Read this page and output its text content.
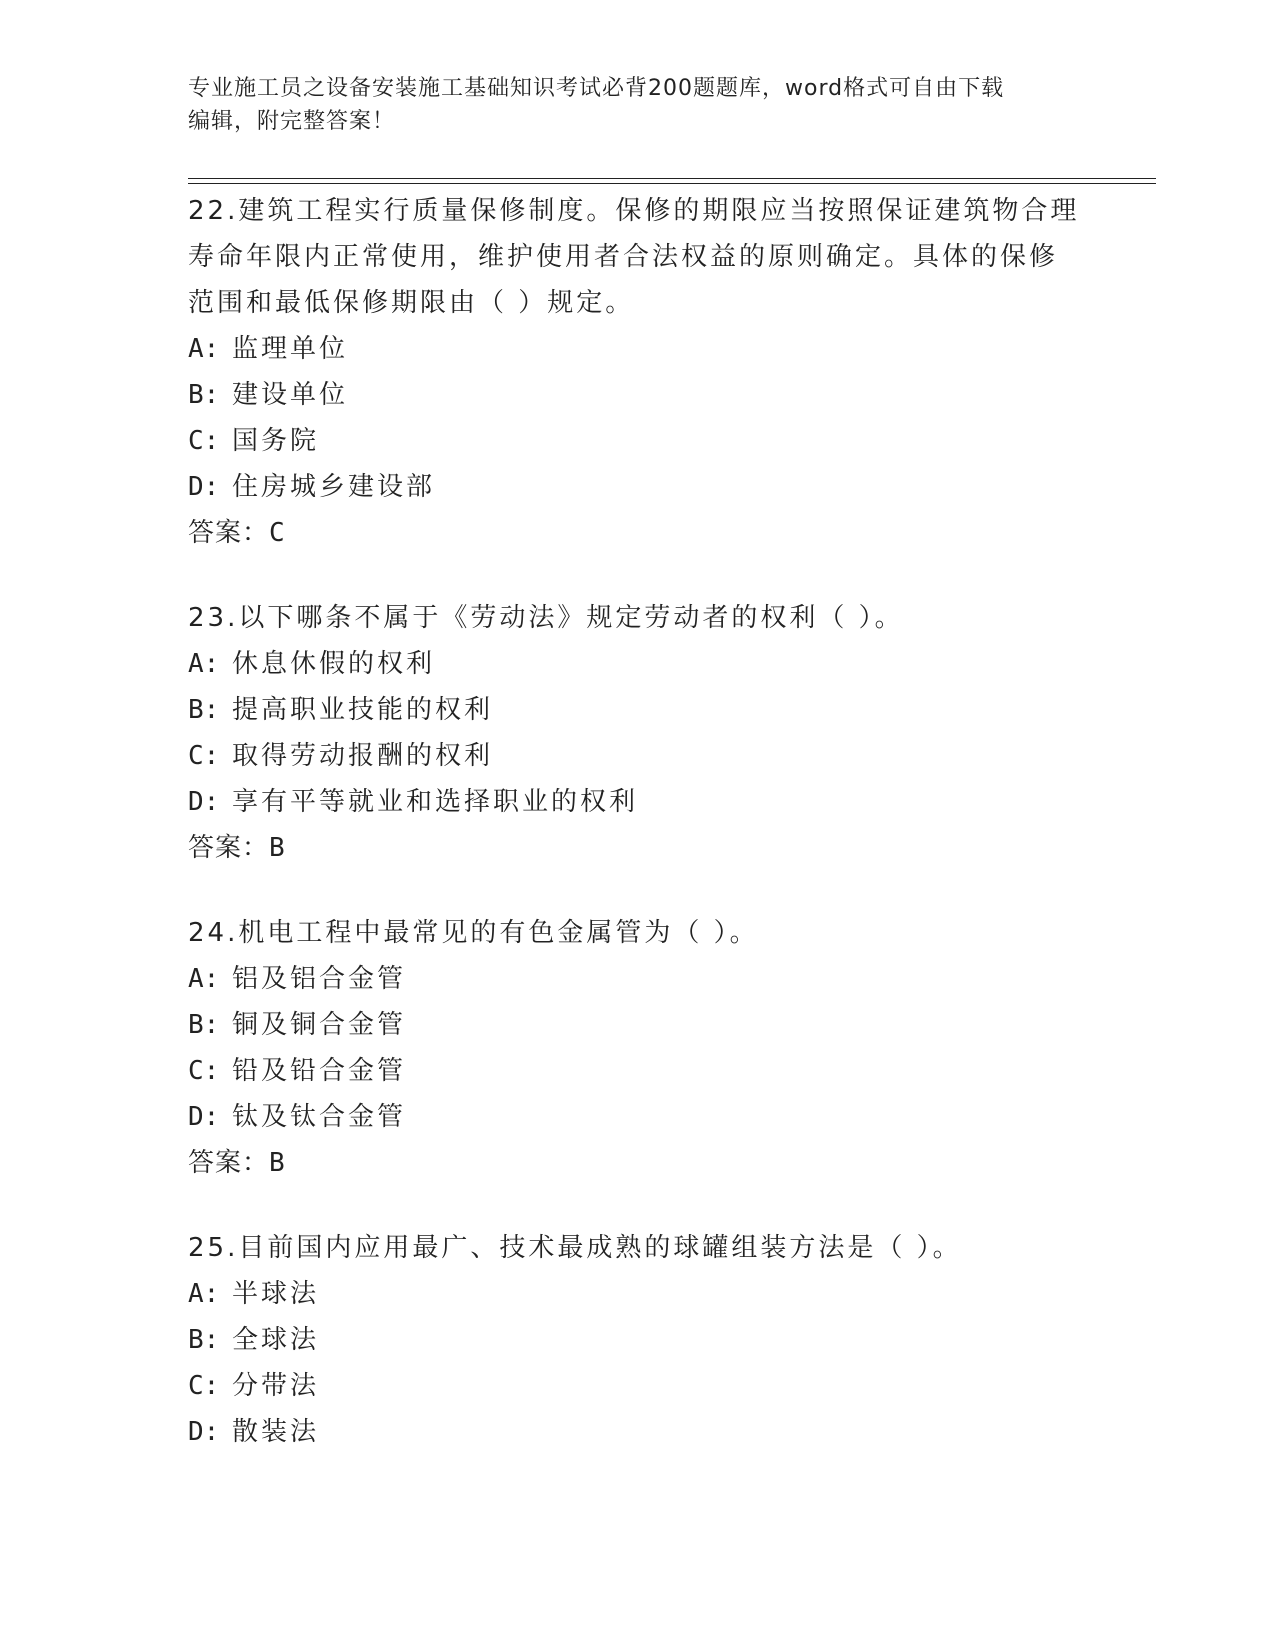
专业施工员之设备安装施工基础知识考试必背200题题库，word格式可自由下载
编辑，附完整答案！
22.建筑工程实行质量保修制度。保修的期限应当按照保证建筑物合理
寿命年限内正常使用，维护使用者合法权益的原则确定。具体的保修
范围和最低保修期限由（ ）规定。
A: 监理单位
B: 建设单位
C: 国务院
D: 住房城乡建设部
答案：C
23.以下哪条不属于《劳动法》规定劳动者的权利（ ）。
A: 休息休假的权利
B: 提高职业技能的权利
C: 取得劳动报酬的权利
D: 享有平等就业和选择职业的权利
答案：B
24.机电工程中最常见的有色金属管为（ ）。
A: 铝及铝合金管
B: 铜及铜合金管
C: 铅及铅合金管
D: 钛及钛合金管
答案：B
25.目前国内应用最广、技术最成熟的球罐组装方法是（ ）。
A: 半球法
B: 全球法
C: 分带法
D: 散装法
